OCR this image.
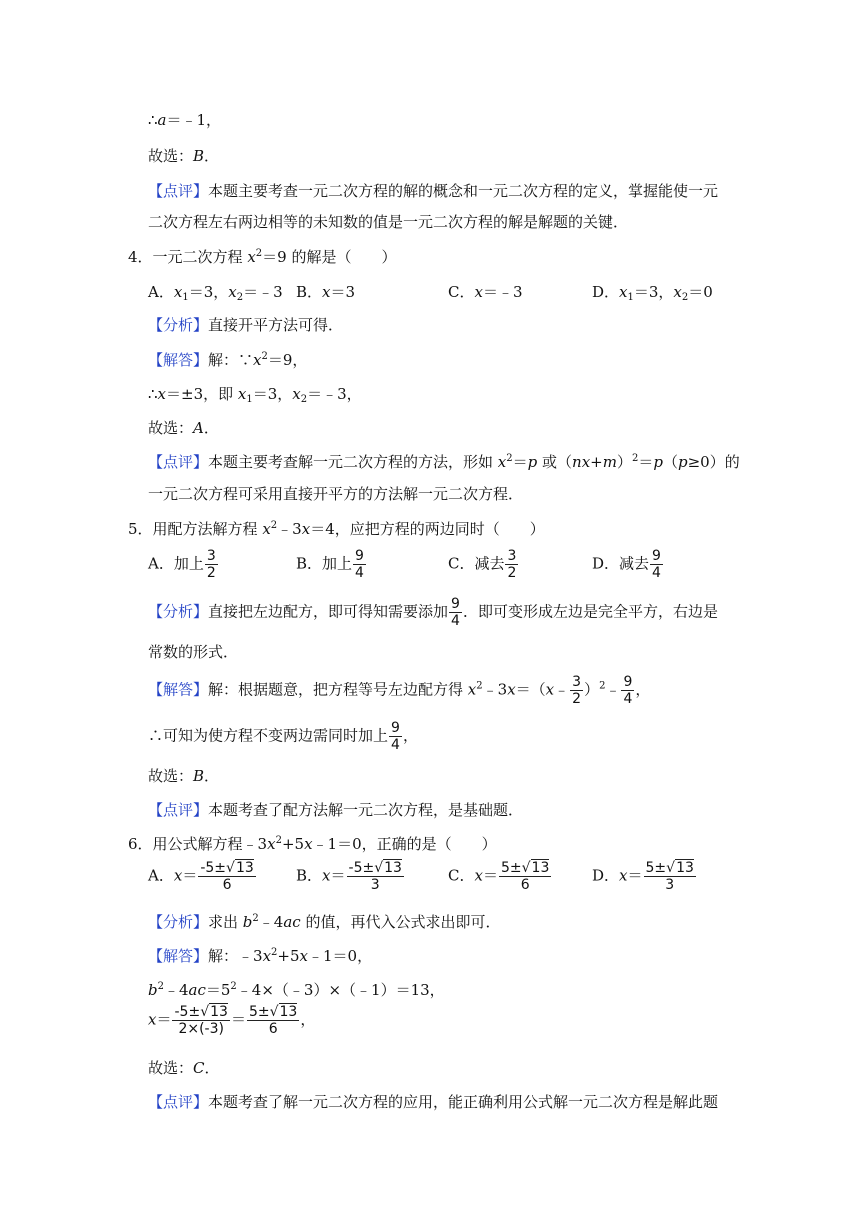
∴a＝﹣1，
故选：B．
【点评】本题主要考查一元二次方程的解的概念和一元二次方程的定义，掌握能使一元
二次方程左右两边相等的未知数的值是一元二次方程的解是解题的关键．
4．一元二次方程 $x^2=9$ 的解是（　　）
A．$x_1=3$，$x_2=﹣3$ B．x＝3	C．x＝﹣3	D．$x_1=3$，$x_2=0$
【分析】直接开平方法可得．
【解答】解：$\because x^2=9$，
∴x＝±3，即 $x_1=3$，$x_2=﹣3$，
故选：A．
【点评】本题主要考查解一元二次方程的方法，形如 $x^2=p$ 或$(nx+m)^2=p(p\ge 0)$的
一元二次方程可采用直接开平方的方法解一元二次方程．
5．用配方法解方程 $x^2﹣3x=4$，应把方程的两边同时（　　）
A．加上 $\frac{3}{2}$	B．加上 $\frac{9}{4}$	C．减去 $\frac{3}{2}$	D．减去 $\frac{9}{4}$
【分析】直接把左边配方，即可得知需要添加 $\frac{9}{4}$ ．即可变形成左边是完全平方，右边是
常数的形式．
【解答】解：根据题意，把方程等号左边配方得 $x^2﹣3x=(x﹣ \frac{3}{2}$ ）$^2$﹣ $\frac{9}{4}$ ，
∴可知为使方程不变两边需同时加上 $\frac{9}{4}$ ，
故选：B．
【点评】本题考查了配方法解一元二次方程，是基础题．
6．用公式解方程$﹣3x^2+5x﹣1=0$，正确的是（　　）
A．$x= \frac{-5\pm√13}{6}$	B．$x= \frac{-5\pm√13}{3}$	C．$x= \frac{5\pm√13}{6}$	D．$x= \frac{5\pm√13}{3}$
【分析】求出 $b^2﹣4ac$ 的值，再代入公式求出即可．
【解答】解：$﹣3x^2+5x﹣1=0$，
$b^2﹣4ac=5^2﹣4\times(﹣3)\times(﹣1)=13$，
$x= \frac{-5\pm√13}{2\times(-3)} = \frac{5\pm√13}{6}$ ，
故选：C．
【点评】本题考查了解一元二次方程的应用，能正确利用公式解一元二次方程是解此题
